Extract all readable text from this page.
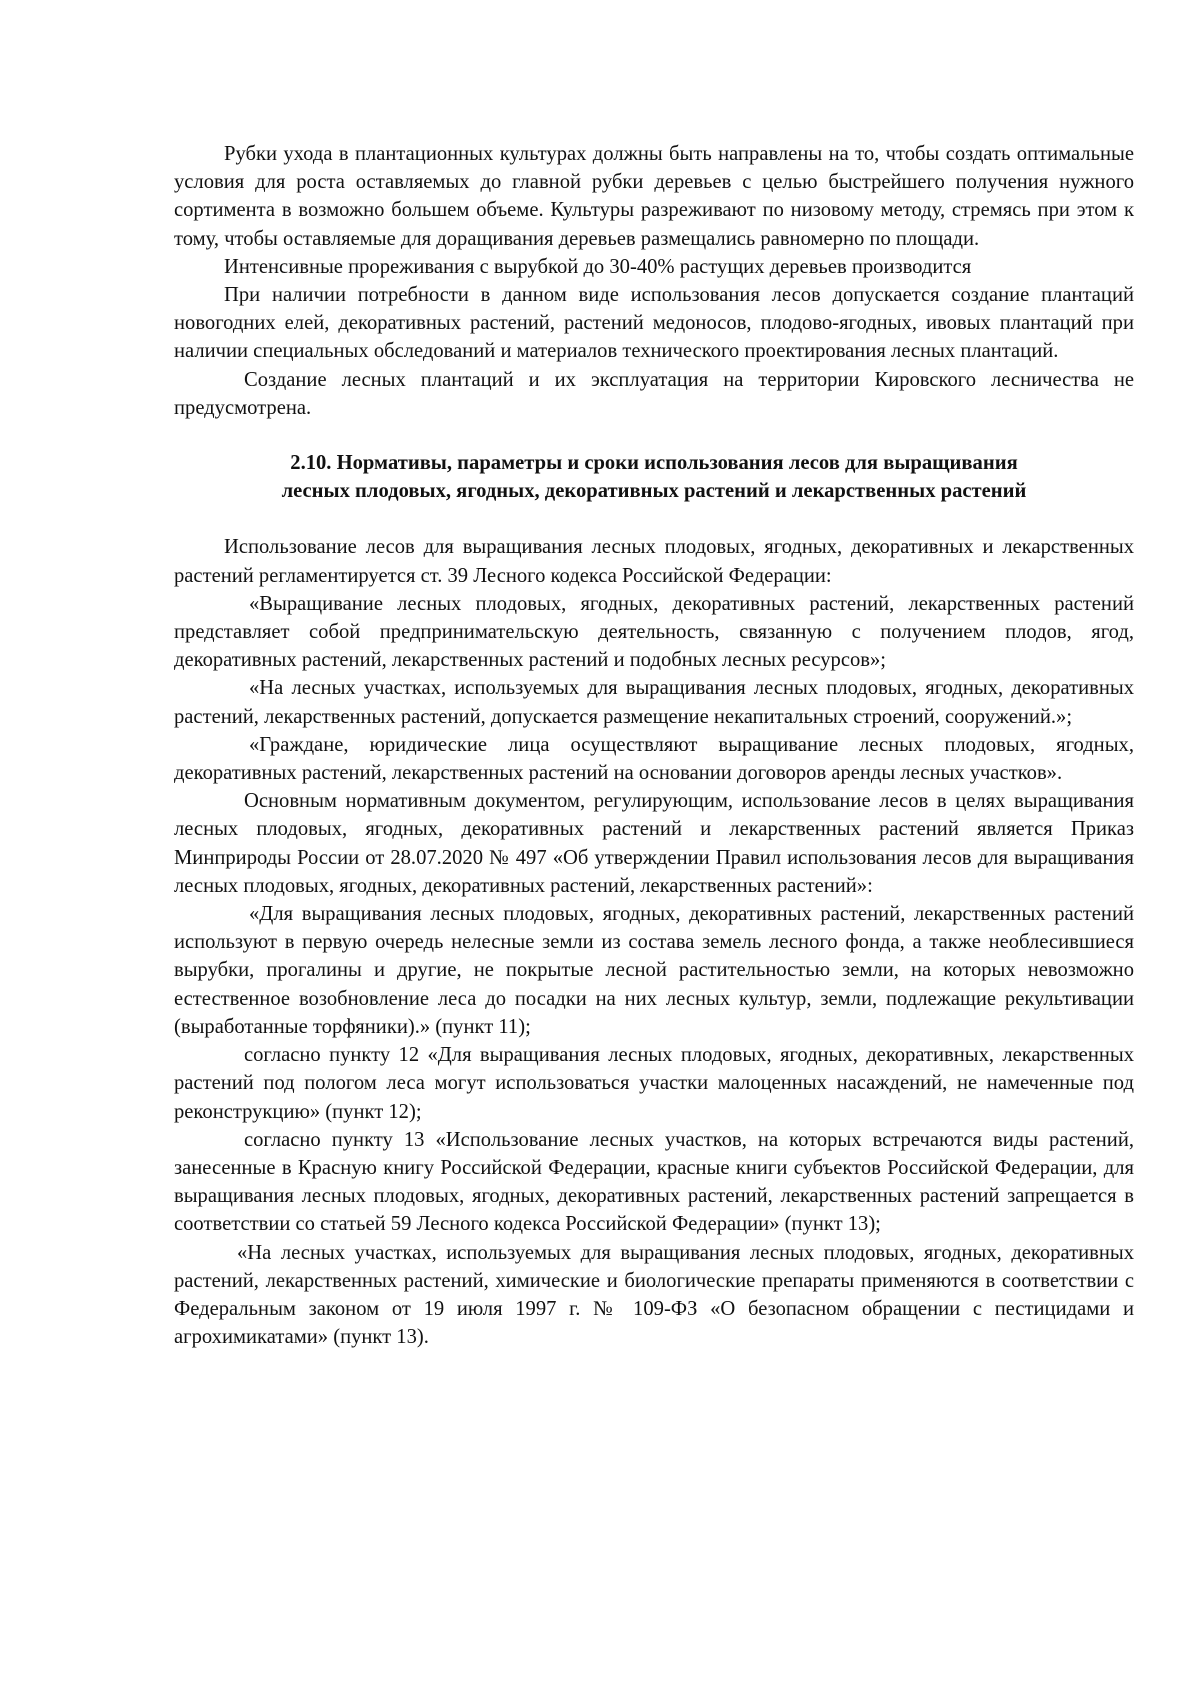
Рубки ухода в плантационных культурах должны быть направлены на то, чтобы создать оптимальные условия для роста оставляемых до главной рубки деревьев с целью быстрейшего получения нужного сортимента в возможно большем объеме. Культуры разреживают по низовому методу, стремясь при этом к тому, чтобы оставляемые для доращивания деревьев размещались равномерно по площади.

Интенсивные прореживания с вырубкой до 30-40% растущих деревьев производится

При наличии потребности в данном виде использования лесов допускается создание плантаций новогодних елей, декоративных растений, растений медоносов, плодово-ягодных, ивовых плантаций при наличии специальных обследований и материалов технического проектирования лесных плантаций.

Создание лесных плантаций и их эксплуатация на территории Кировского лесничества не предусмотрена.

2.10. Нормативы, параметры и сроки использования лесов для выращивания
лесных плодовых, ягодных, декоративных растений и лекарственных растений

Использование лесов для выращивания лесных плодовых, ягодных, декоративных и лекарственных растений регламентируется ст. 39 Лесного кодекса Российской Федерации:

«Выращивание лесных плодовых, ягодных, декоративных растений, лекарственных растений представляет собой предпринимательскую деятельность, связанную с получением плодов, ягод, декоративных растений, лекарственных растений и подобных лесных ресурсов»;

«На лесных участках, используемых для выращивания лесных плодовых, ягодных, декоративных растений, лекарственных растений, допускается размещение некапитальных строений, сооружений.»;

«Граждане, юридические лица осуществляют выращивание лесных плодовых, ягодных, декоративных растений, лекарственных растений на основании договоров аренды лесных участков».

Основным нормативным документом, регулирующим, использование лесов в целях выращивания лесных плодовых, ягодных, декоративных растений и лекарственных растений является Приказ Минприроды России от 28.07.2020 № 497 «Об утверждении Правил использования лесов для выращивания лесных плодовых, ягодных, декоративных растений, лекарственных растений»:

«Для выращивания лесных плодовых, ягодных, декоративных растений, лекарственных растений используют в первую очередь нелесные земли из состава земель лесного фонда, а также необлесившиеся вырубки, прогалины и другие, не покрытые лесной растительностью земли, на которых невозможно естественное возобновление леса до посадки на них лесных культур, земли, подлежащие рекультивации (выработанные торфяники).» (пункт 11);

согласно пункту 12 «Для выращивания лесных плодовых, ягодных, декоративных, лекарственных растений под пологом леса могут использоваться участки малоценных насаждений, не намеченные под реконструкцию» (пункт 12);

согласно пункту 13 «Использование лесных участков, на которых встречаются виды растений, занесенные в Красную книгу Российской Федерации, красные книги субъектов Российской Федерации, для выращивания лесных плодовых, ягодных, декоративных растений, лекарственных растений запрещается в соответствии со статьей 59 Лесного кодекса Российской Федерации» (пункт 13);

«На лесных участках, используемых для выращивания лесных плодовых, ягодных, декоративных растений, лекарственных растений, химические и биологические препараты применяются в соответствии с Федеральным законом от 19 июля 1997 г. № 109-ФЗ «О безопасном обращении с пестицидами и агрохимикатами» (пункт 13).
